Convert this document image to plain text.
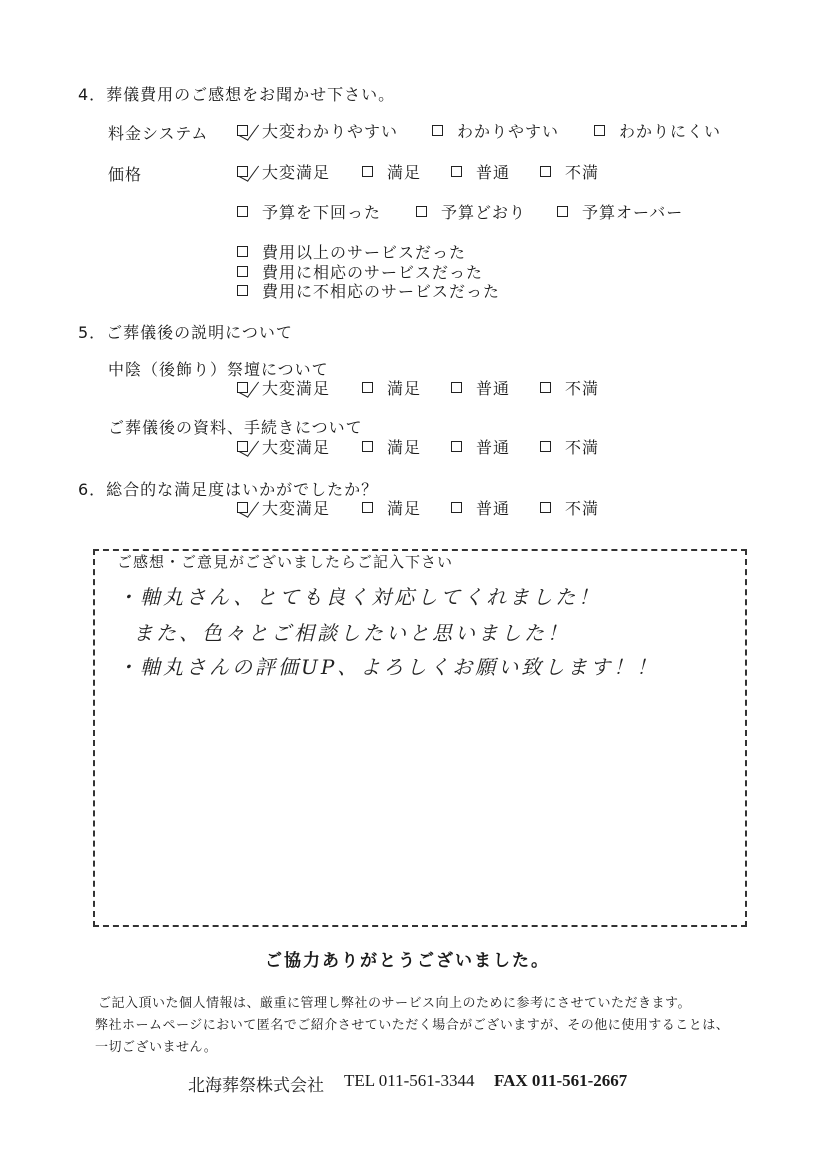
4．葬儀費用のご感想をお聞かせ下さい。
料金システム	大変わかりやすい	わかりやすい	わかりにくい
価格	大変満足	満足	普通	不満
予算を下回った	予算どおり	予算オーバー
費用以上のサービスだった
費用に相応のサービスだった
費用に不相応のサービスだった
5．ご葬儀後の説明について
中陰（後飾り）祭壇について
大変満足	満足	普通	不満
ご葬儀後の資料、手続きについて
大変満足	満足	普通	不満
6．総合的な満足度はいかがでしたか？
大変満足	満足	普通	不満
ご感想・ご意見がございましたらご記入下さい
・軸丸さん、とても良く対応してくれました！
また、色々とご相談したいと思いました！
・軸丸さんの評価UP、よろしくお願い致します！！
ご協力ありがとうございました。
ご記入頂いた個人情報は、厳重に管理し弊社のサービス向上のために参考にさせていただきます。
弊社ホームページにおいて匿名でご紹介させていただく場合がございますが、その他に使用することは、
一切ございません。
北海葬祭株式会社 TEL 011-561-3344 FAX 011-561-2667
